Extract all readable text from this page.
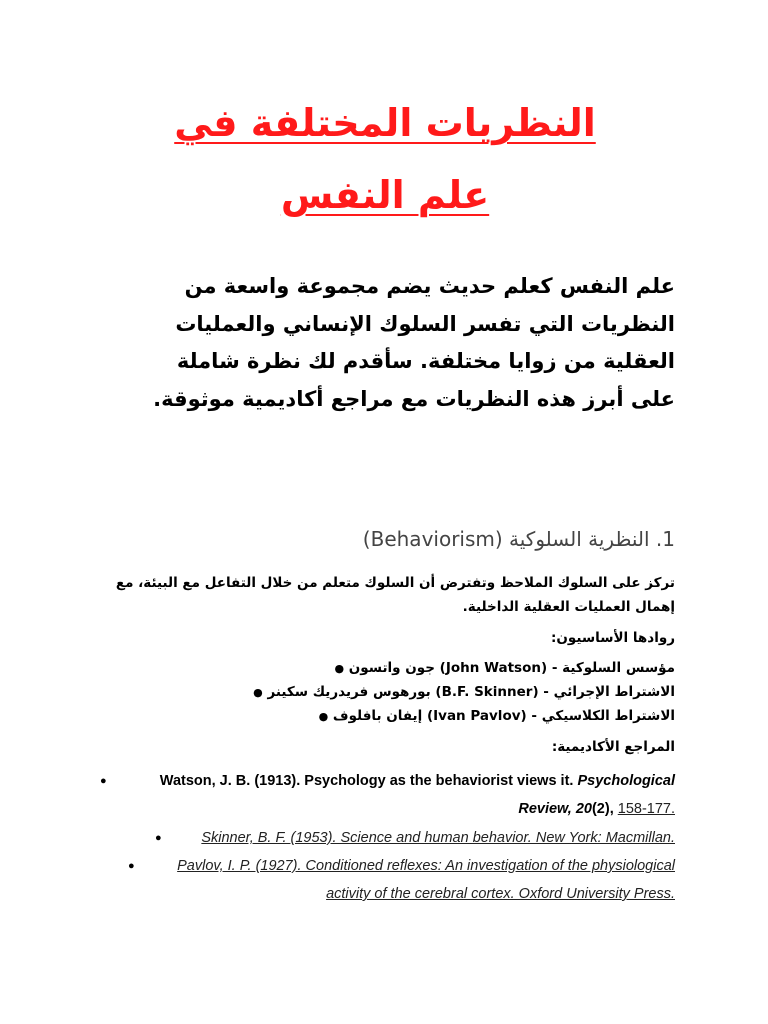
النظريات المختلفة في
علم النفس
علم النفس كعلم حديث يضم مجموعة واسعة من النظريات التي تفسر السلوك الإنساني والعمليات العقلية من زوايا مختلفة. سأقدم لك نظرة شاملة على أبرز هذه النظريات مع مراجع أكاديمية موثوقة.
1. النظرية السلوكية (Behaviorism)
تركز على السلوك الملاحظ وتفترض أن السلوك متعلم من خلال التفاعل مع البيئة، مع إهمال العمليات العقلية الداخلية.
روادها الأساسيون:
مؤسس السلوكية - (John Watson) جون واتسون ●
الاشتراط الإجرائي - (B.F. Skinner) بورهوس فريدريك سكينر ●
الاشتراط الكلاسيكي - (Ivan Pavlov) إيفان بافلوف ●
المراجع الأكاديمية:
●	Watson, J. B. (1913). Psychology as the behaviorist views it. Psychological
Review, 20(2), 158-177.
●	Skinner, B. F. (1953). Science and human behavior. New York: Macmillan.
●	Pavlov, I. P. (1927). Conditioned reflexes: An investigation of the physiological
activity of the cerebral cortex. Oxford University Press.
